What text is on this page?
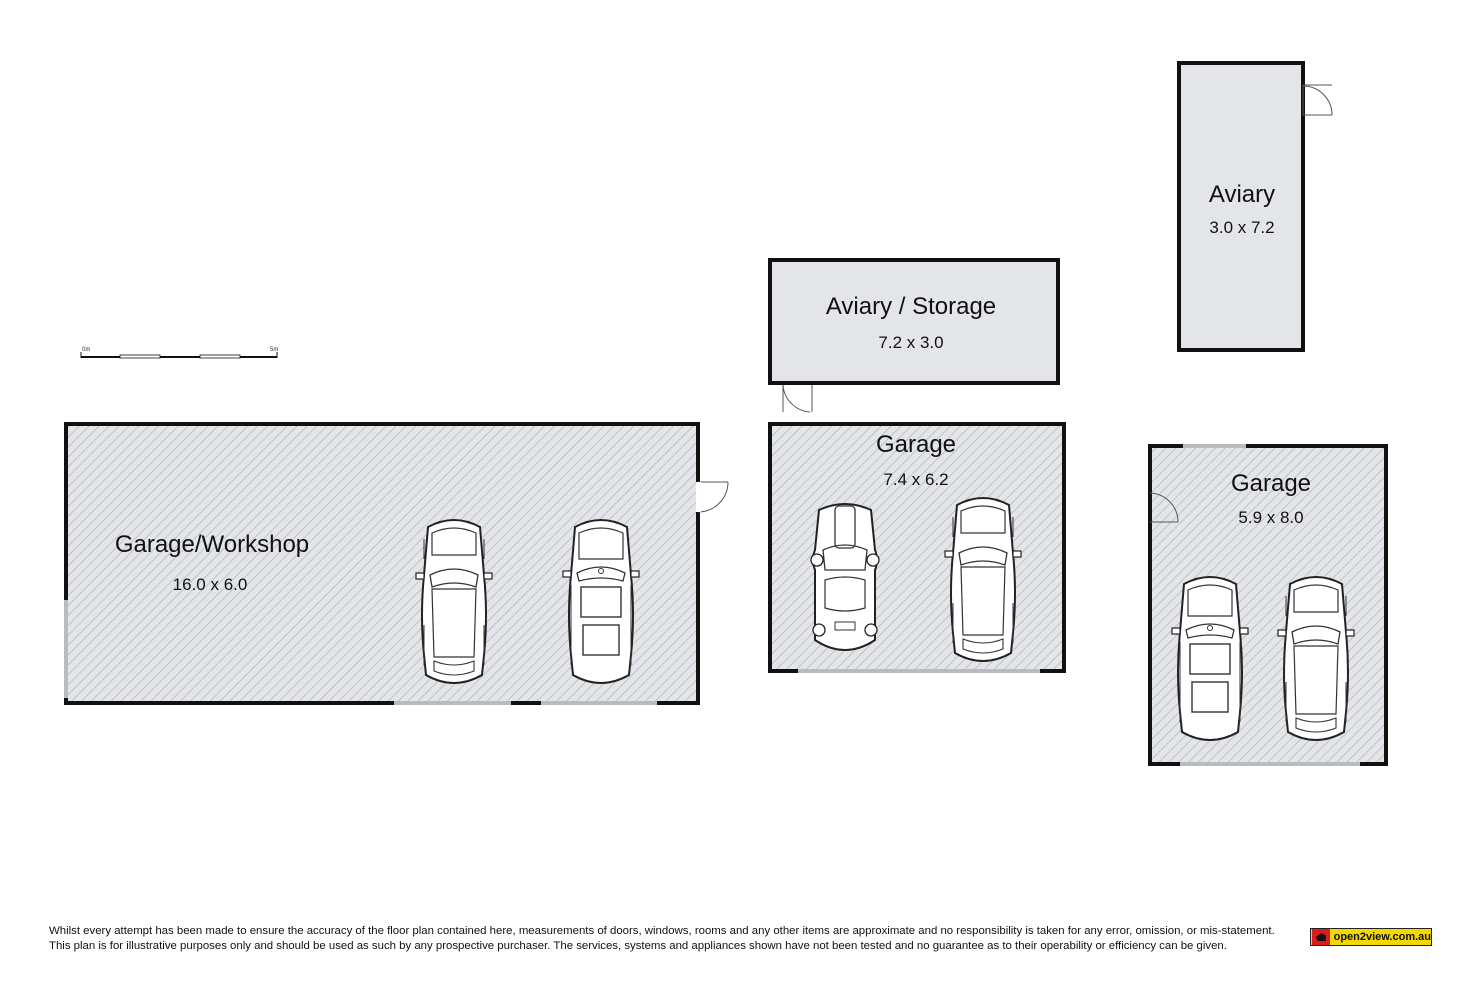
0m	5m
Aviary
3.0 x 7.2
Aviary / Storage
7.2 x 3.0
Garage/Workshop
16.0 x 6.0
Garage
7.4 x 6.2	Garage
5.9 x 8.0
Whilst every attempt has been made to ensure the accuracy of the floor plan contained here, measurements of doors, windows, rooms and any other items are approximate and no responsibility is taken for any error, omission, or mis-statement.
This plan is for illustrative purposes only and should be used as such by any prospective purchaser. The services, systems and appliances shown have not been tested and no guarantee as to their operability or efficiency can be given.
open2view.com.au
